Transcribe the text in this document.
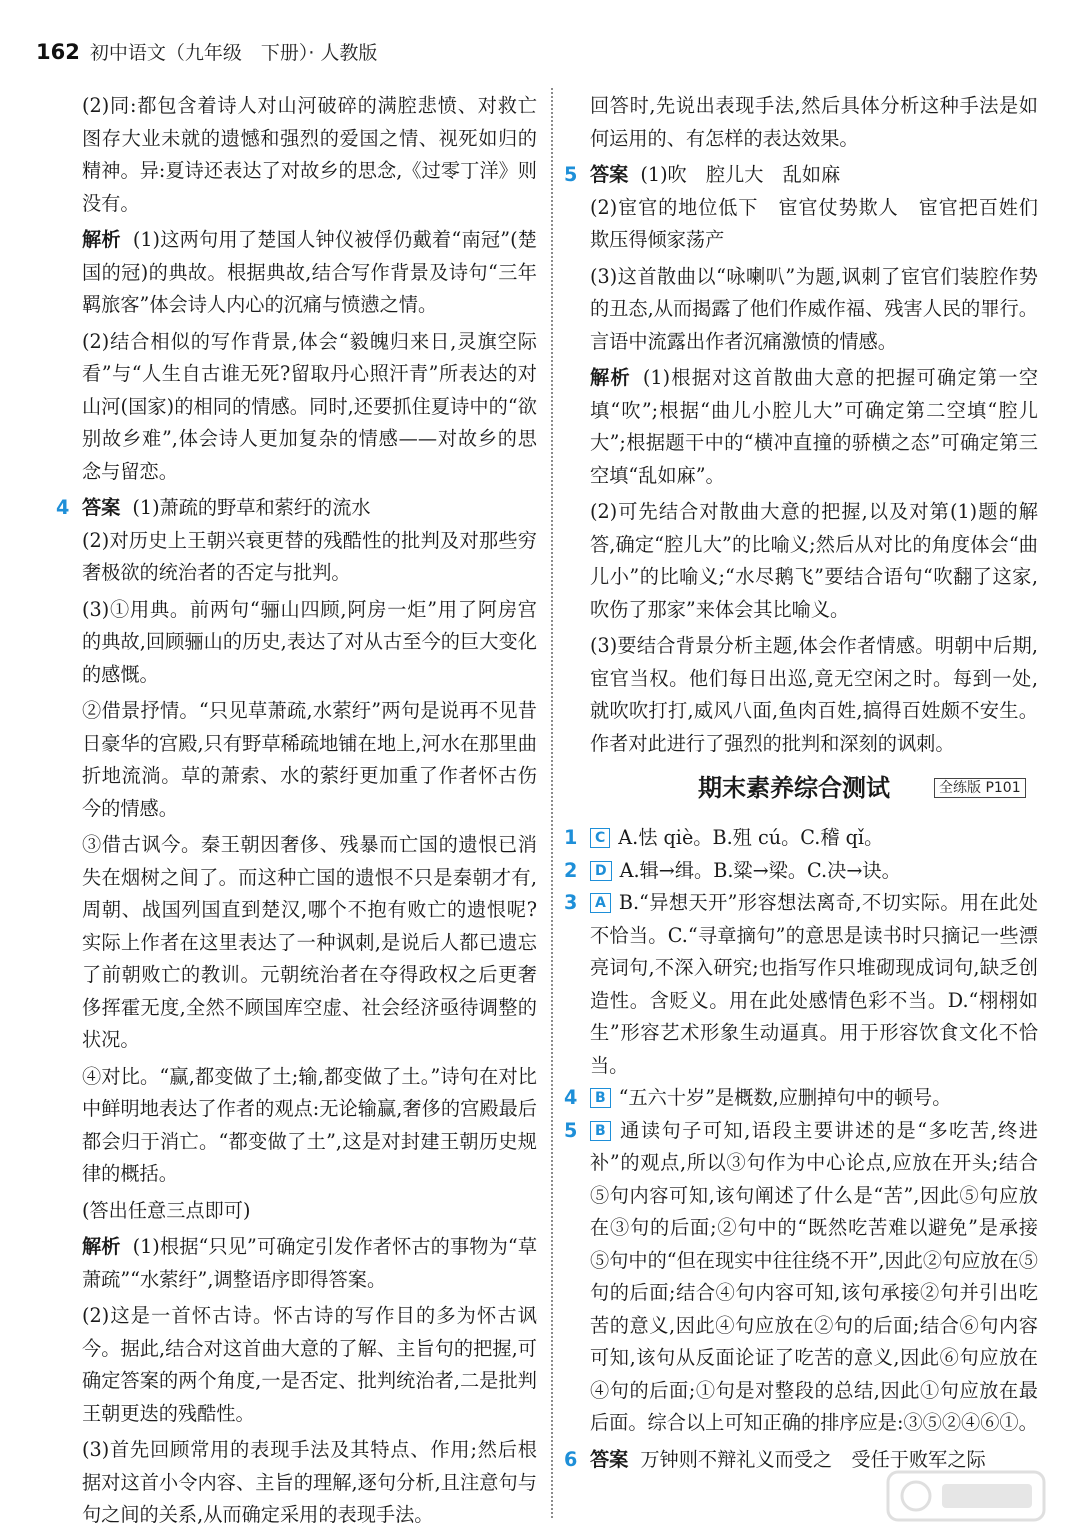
162 初中语文（九年级　下册）· 人教版

(2)同:都包含着诗人对山河破碎的满腔悲愤、对救亡图存大业未就的遗憾和强烈的爱国之情、视死如归的精神。异:夏诗还表达了对故乡的思念,《过零丁洋》则没有。

解析 (1)这两句用了楚国人钟仪被俘仍戴着“南冠”(楚国的冠)的典故。根据典故,结合写作背景及诗句“三年羁旅客”体会诗人内心的沉痛与愤懑之情。

(2)结合相似的写作背景,体会“毅魄归来日,灵旗空际看”与“人生自古谁无死?留取丹心照汗青”所表达的对山河(国家)的相同的情感。同时,还要抓住夏诗中的“欲别故乡难”,体会诗人更加复杂的情感——对故乡的思念与留恋。

4 答案 (1)萧疏的野草和萦纡的流水

(2)对历史上王朝兴衰更替的残酷性的批判及对那些穷奢极欲的统治者的否定与批判。

(3)①用典。前两句“骊山四顾,阿房一炬”用了阿房宫的典故,回顾骊山的历史,表达了对从古至今的巨大变化的感慨。

②借景抒情。“只见草萧疏,水萦纡”两句是说再不见昔日豪华的宫殿,只有野草稀疏地铺在地上,河水在那里曲折地流淌。草的萧索、水的萦纡更加重了作者怀古伤今的情感。

③借古讽今。秦王朝因奢侈、残暴而亡国的遗恨已消失在烟树之间了。而这种亡国的遗恨不只是秦朝才有,周朝、战国列国直到楚汉,哪个不抱有败亡的遗恨呢?实际上作者在这里表达了一种讽刺,是说后人都已遗忘了前朝败亡的教训。元朝统治者在夺得政权之后更奢侈挥霍无度,全然不顾国库空虚、社会经济亟待调整的状况。

④对比。“赢,都变做了土;输,都变做了土。”诗句在对比中鲜明地表达了作者的观点:无论输赢,奢侈的宫殿最后都会归于消亡。“都变做了土”,这是对封建王朝历史规律的概括。

(答出任意三点即可)

解析 (1)根据“只见”可确定引发作者怀古的事物为“草萧疏”“水萦纡”,调整语序即得答案。

(2)这是一首怀古诗。怀古诗的写作目的多为怀古讽今。据此,结合对这首曲大意的了解、主旨句的把握,可确定答案的两个角度,一是否定、批判统治者,二是批判王朝更迭的残酷性。

(3)首先回顾常用的表现手法及其特点、作用;然后根据对这首小令内容、主旨的理解,逐句分析,且注意句与句之间的关系,从而确定采用的表现手法。

回答时,先说出表现手法,然后具体分析这种手法是如何运用的、有怎样的表达效果。

5 答案 (1)吹　腔儿大　乱如麻

(2)宦官的地位低下　宦官仗势欺人　宦官把百姓们欺压得倾家荡产

(3)这首散曲以“咏喇叭”为题,讽刺了宦官们装腔作势的丑态,从而揭露了他们作威作福、残害人民的罪行。言语中流露出作者沉痛激愤的情感。

解析 (1)根据对这首散曲大意的把握可确定第一空填“吹”;根据“曲儿小腔儿大”可确定第二空填“腔儿大”;根据题干中的“横冲直撞的骄横之态”可确定第三空填“乱如麻”。

(2)可先结合对散曲大意的把握,以及对第(1)题的解答,确定“腔儿大”的比喻义;然后从对比的角度体会“曲儿小”的比喻义;“水尽鹅飞”要结合语句“吹翻了这家,吹伤了那家”来体会其比喻义。

(3)要结合背景分析主题,体会作者情感。明朝中后期,宦官当权。他们每日出巡,竟无空闲之时。每到一处,就吹吹打打,威风八面,鱼肉百姓,搞得百姓颇不安生。作者对此进行了强烈的批判和深刻的讽刺。

期末素养综合测试	全练版 P101

1 C A.怯 qiè。B.殂 cú。C.稽 qǐ。

2 D A.辑→缉。B.粱→梁。C.决→诀。

3 A B.“异想天开”形容想法离奇,不切实际。用在此处不恰当。C.“寻章摘句”的意思是读书时只摘记一些漂亮词句,不深入研究;也指写作只堆砌现成词句,缺乏创造性。含贬义。用在此处感情色彩不当。D.“栩栩如生”形容艺术形象生动逼真。用于形容饮食文化不恰当。

4 B “五六十岁”是概数,应删掉句中的顿号。

5 B 通读句子可知,语段主要讲述的是“多吃苦,终进补”的观点,所以③句作为中心论点,应放在开头;结合⑤句内容可知,该句阐述了什么是“苦”,因此⑤句应放在③句的后面;②句中的“既然吃苦难以避免”是承接⑤句中的“但在现实中往往绕不开”,因此②句应放在⑤句的后面;结合④句内容可知,该句承接②句并引出吃苦的意义,因此④句应放在②句的后面;结合⑥句内容可知,该句从反面论证了吃苦的意义,因此⑥句应放在④句的后面;①句是对整段的总结,因此①句应放在最后面。综合以上可知正确的排序应是:③⑤②④⑥①。

6 答案 万钟则不辩礼义而受之　受任于败军之际
